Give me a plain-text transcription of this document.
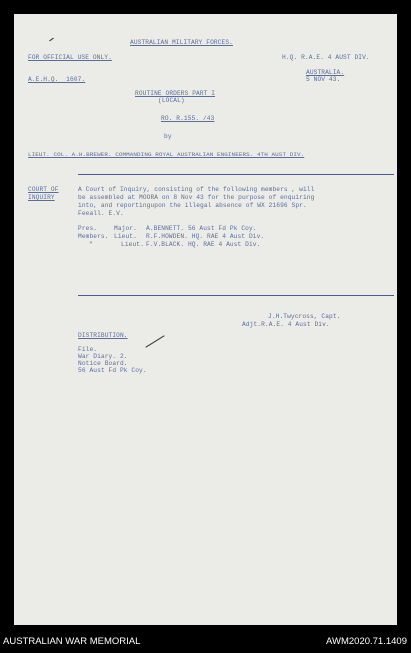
AUSTRALIAN MILITARY FORCES.
FOR OFFICIAL USE ONLY.	H.Q. R.A.E. 4 AUST DIV.
A.E.H.Q.  1607.
AUSTRALIA.
5 NOV 43.
ROUTINE ORDERS PART I
(LOCAL)
RO. R.155. /43
by
LIEUT. COL. A.H.BREWER. COMMANDING ROYAL AUSTRALIAN ENGINEERS. 4TH AUST DIV.
COURT OF
INQUIRY
A Court of Inquiry, consisting of the following members , will
be assembled at MOORA on 8 Nov 43 for the purpose of enquiring
into, and reportingupon the illegal absence of WX 21696 Spr.
Feeall. E.V.
Pres.	Major. A.BENNETT. 56 Aust Fd Pk Coy.
Members. Lieut. R.F.HOWDEN. HQ. RAE 4 Aust Div.
"	Lieut. F.V.BLACK. HQ. RAE 4 Aust Div.
J.H.Twycross, Capt.
Adjt.R.A.E. 4 Aust Div.
DISTRIBUTION.
File.
War Diary. 2.
Notice Board.
56 Aust Fd Pk Coy.
AUSTRALIAN WAR MEMORIAL	AWM2020.71.1409
